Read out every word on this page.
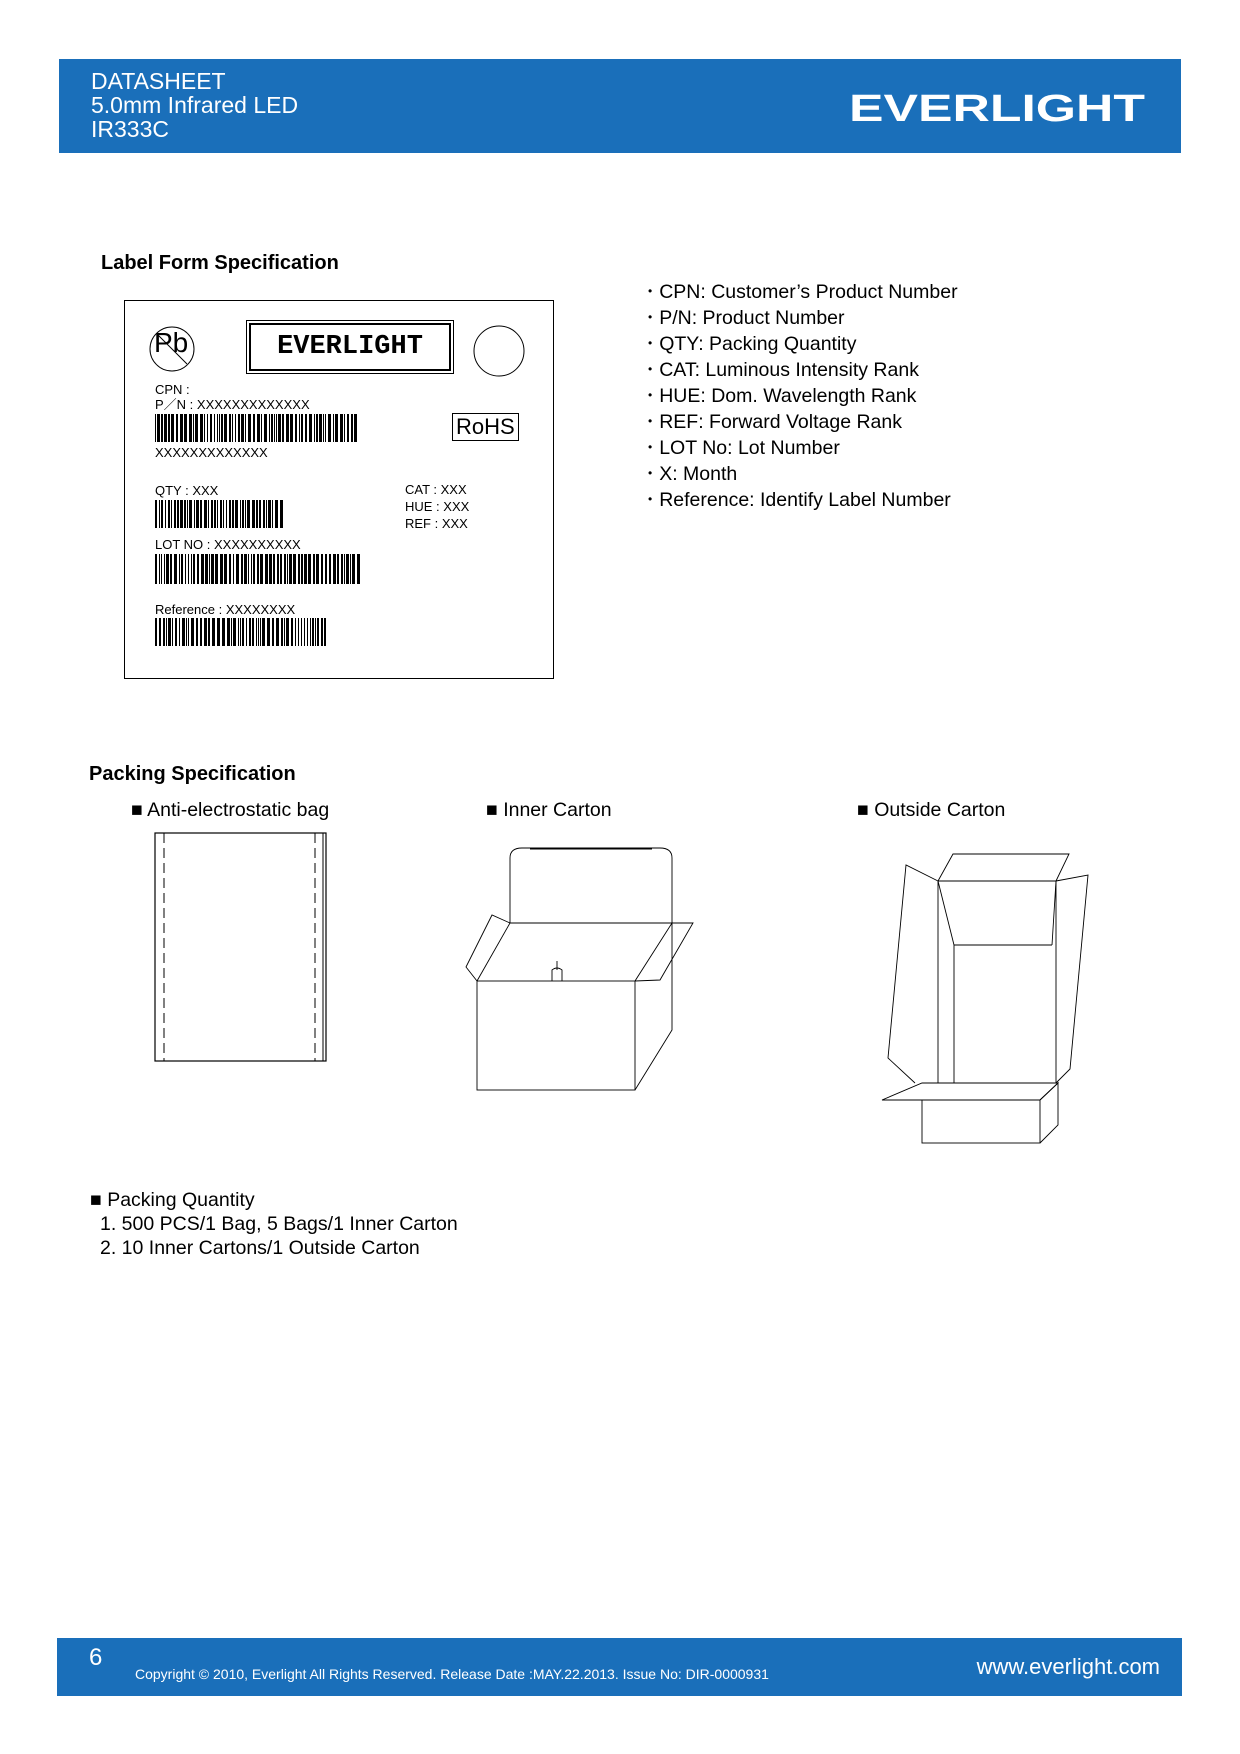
DATASHEET
5.0mm Infrared LED
IR333C	EVERLIGHT
Label Form Specification
Pb	EVERLIGHT
CPN :
P／N : XXXXXXXXXXXXX
XXXXXXXXXXXXX
RoHS
QTY : XXX	CAT : XXX
HUE : XXX
REF : XXX
LOT NO : XXXXXXXXXX
Reference : XXXXXXXX
• CPN: Customer’s Product Number
• P/N: Product Number
• QTY: Packing Quantity
• CAT: Luminous Intensity Rank
• HUE: Dom. Wavelength Rank
• REF: Forward Voltage Rank
• LOT No: Lot Number
• X: Month
• Reference: Identify Label Number
Packing Specification
■ Anti-electrostatic bag	■ Inner Carton	■ Outside Carton
■ Packing Quantity
1. 500 PCS/1 Bag, 5 Bags/1 Inner Carton
2. 10 Inner Cartons/1 Outside Carton
6
Copyright © 2010, Everlight All Rights Reserved. Release Date :MAY.22.2013. Issue No: DIR-0000931	www.everlight.com
